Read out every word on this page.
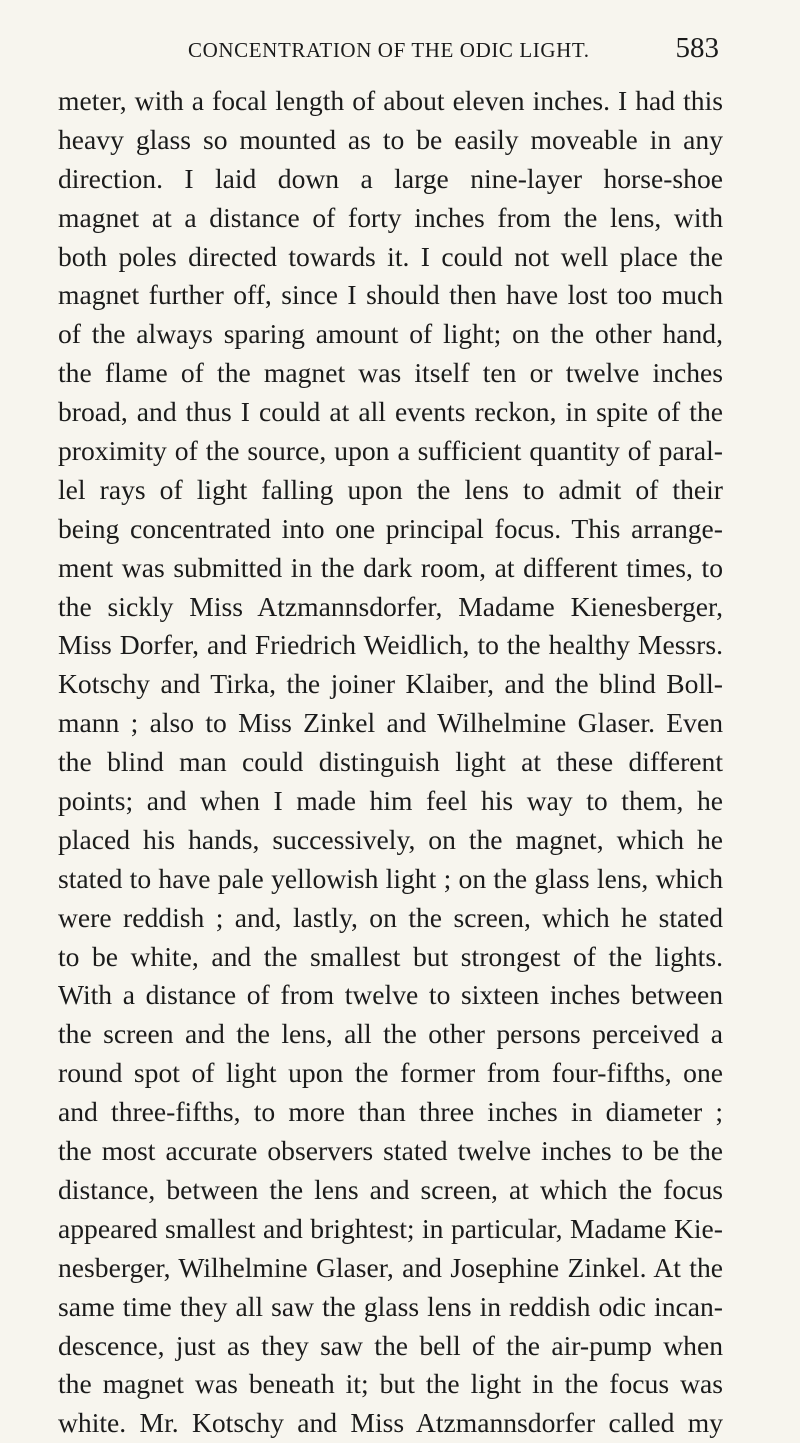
CONCENTRATION OF THE ODIC LIGHT.	583
meter, with a focal length of about eleven inches. I had this
heavy glass so mounted as to be easily moveable in any
direction. I laid down a large nine-layer horse-shoe
magnet at a distance of forty inches from the lens, with
both poles directed towards it. I could not well place the
magnet further off, since I should then have lost too much
of the always sparing amount of light; on the other hand,
the flame of the magnet was itself ten or twelve inches
broad, and thus I could at all events reckon, in spite of the
proximity of the source, upon a sufficient quantity of paral-
lel rays of light falling upon the lens to admit of their
being concentrated into one principal focus. This arrange-
ment was submitted in the dark room, at different times, to
the sickly Miss Atzmannsdorfer, Madame Kienesberger,
Miss Dorfer, and Friedrich Weidlich, to the healthy Messrs.
Kotschy and Tirka, the joiner Klaiber, and the blind Boll-
mann ; also to Miss Zinkel and Wilhelmine Glaser. Even
the blind man could distinguish light at these different
points; and when I made him feel his way to them, he
placed his hands, successively, on the magnet, which he
stated to have pale yellowish light ; on the glass lens, which
were reddish ; and, lastly, on the screen, which he stated
to be white, and the smallest but strongest of the lights.
With a distance of from twelve to sixteen inches between
the screen and the lens, all the other persons perceived a
round spot of light upon the former from four-fifths, one
and three-fifths, to more than three inches in diameter ;
the most accurate observers stated twelve inches to be the
distance, between the lens and screen, at which the focus
appeared smallest and brightest; in particular, Madame Kie-
nesberger, Wilhelmine Glaser, and Josephine Zinkel. At the
same time they all saw the glass lens in reddish odic incan-
descence, just as they saw the bell of the air-pump when
the magnet was beneath it; but the light in the focus was
white. Mr. Kotschy and Miss Atzmannsdorfer called my
